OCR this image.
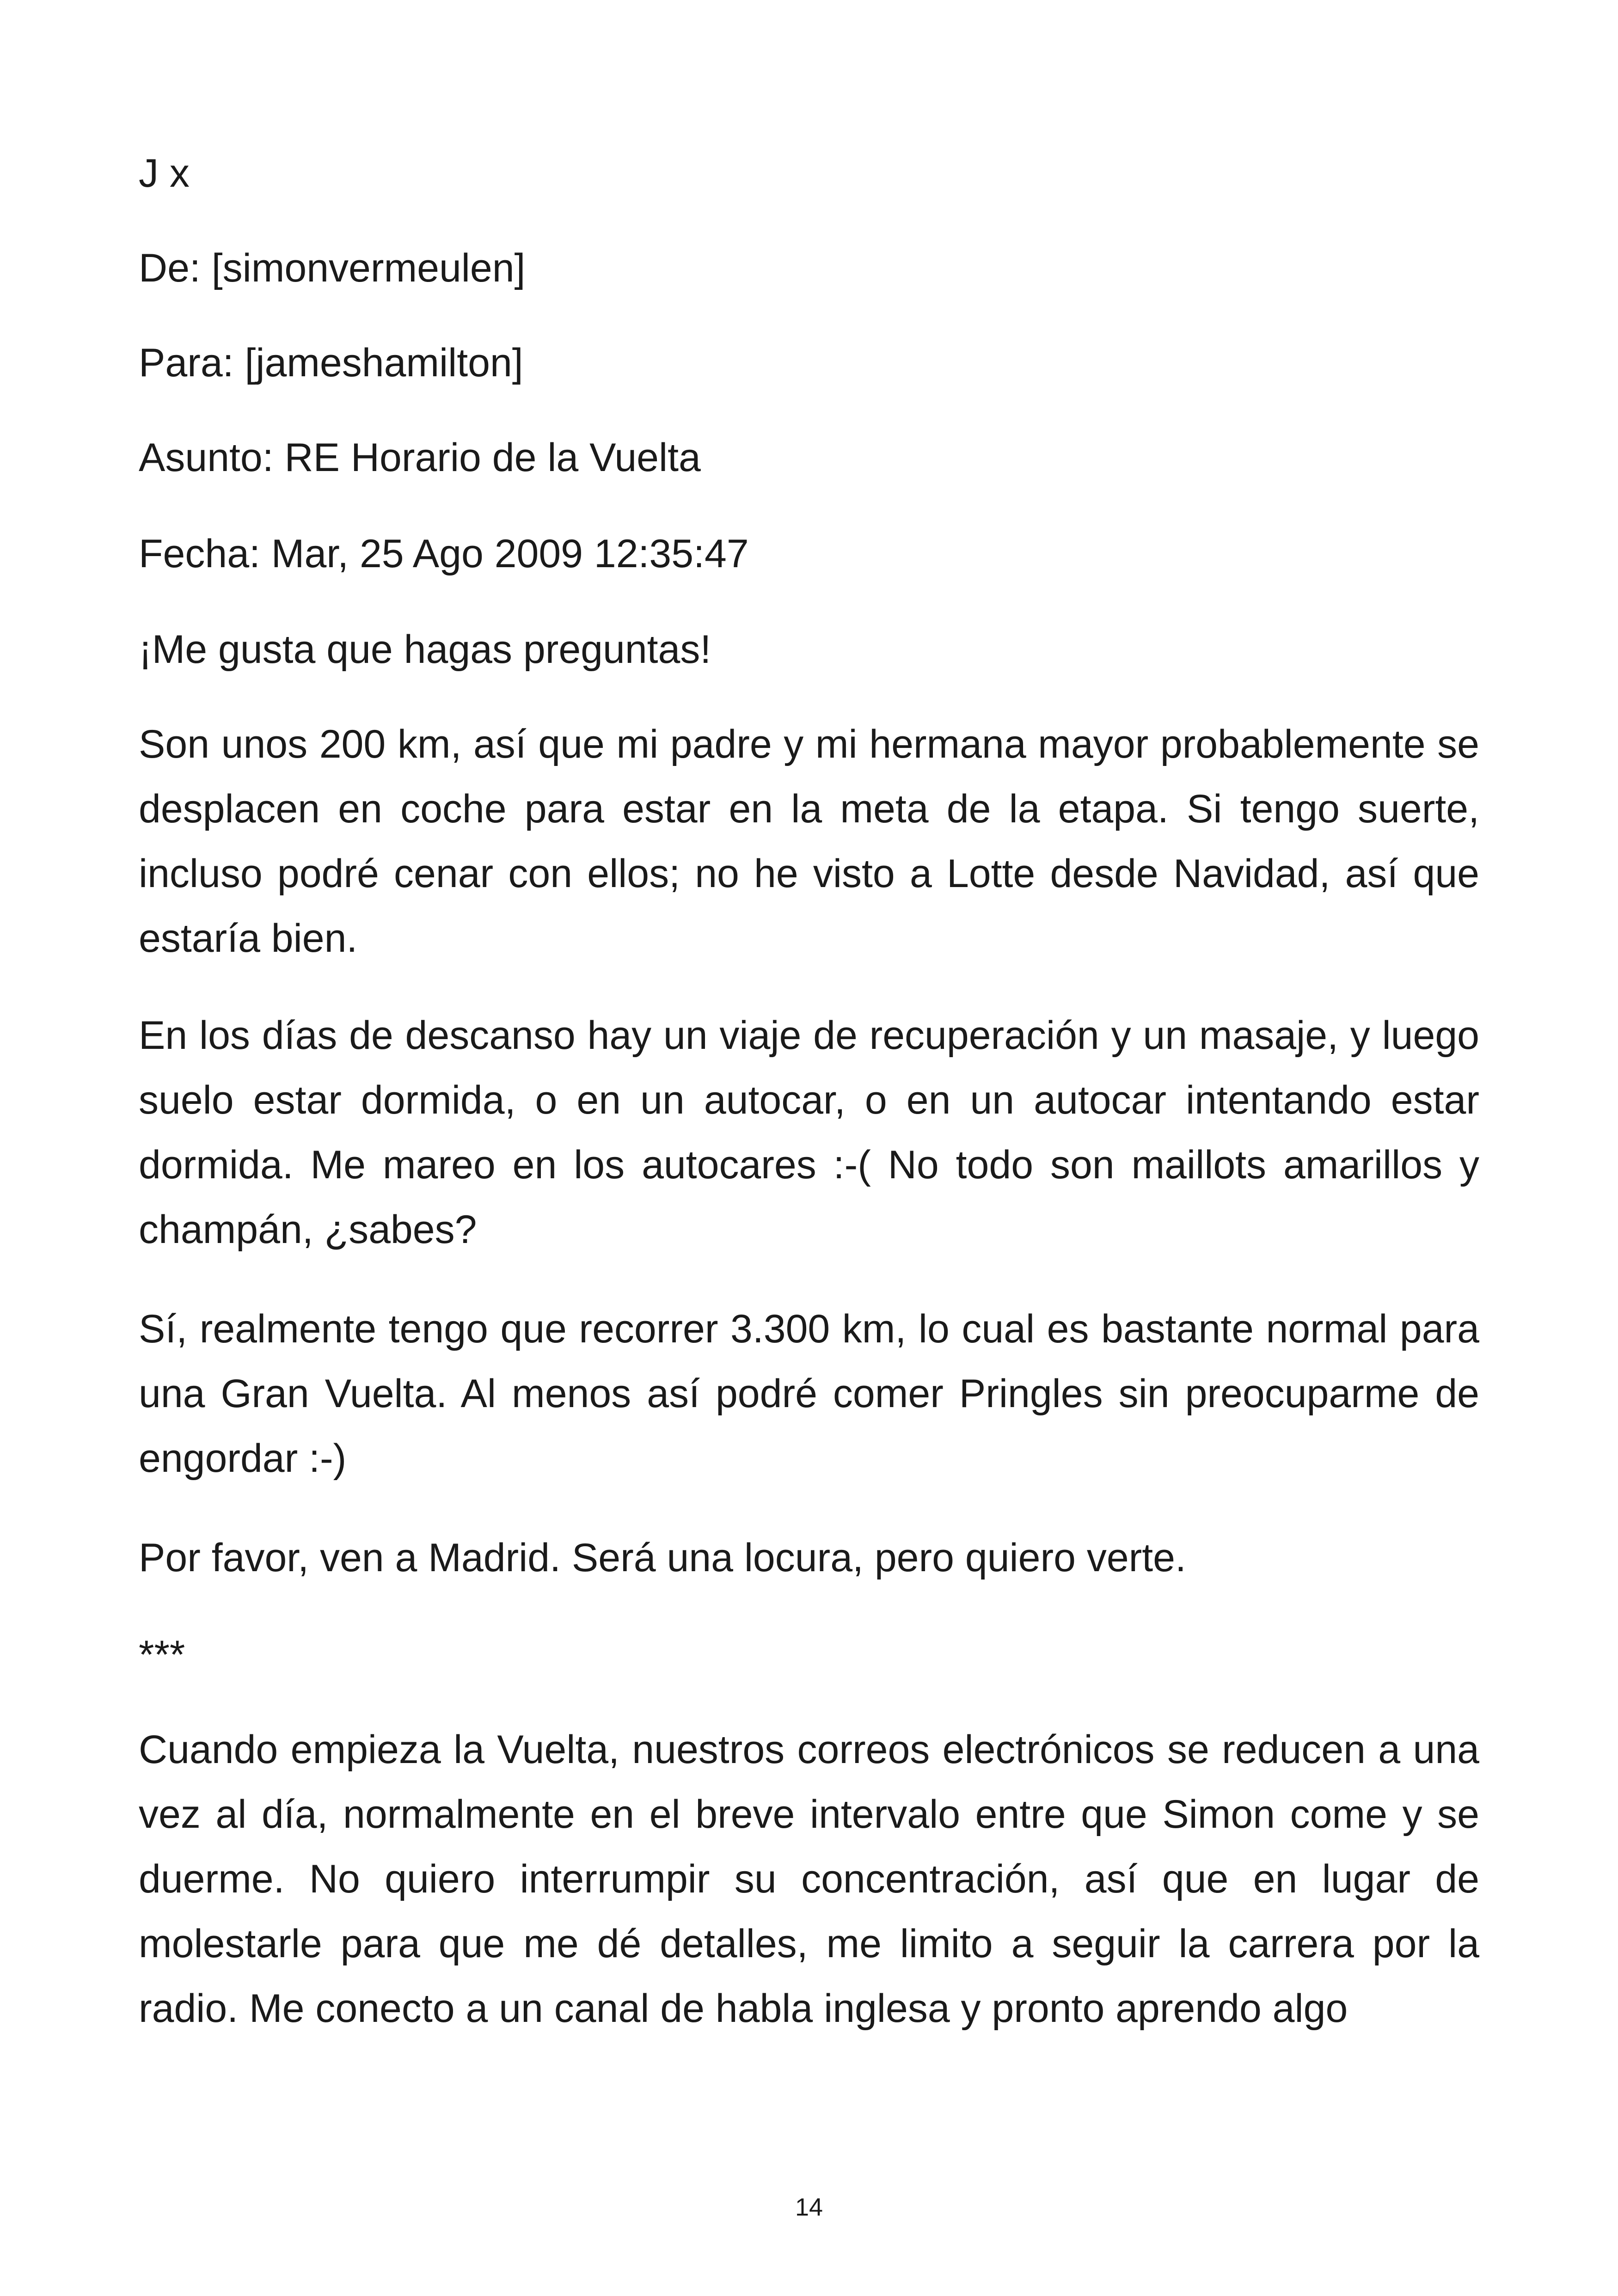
J x

De: [simonvermeulen]

Para: [jameshamilton]

Asunto: RE Horario de la Vuelta

Fecha: Mar, 25 Ago 2009 12:35:47

¡Me gusta que hagas preguntas!

Son unos 200 km, así que mi padre y mi hermana mayor probablemente se desplacen en coche para estar en la meta de la etapa. Si tengo suerte, incluso podré cenar con ellos; no he visto a Lotte desde Navidad, así que estaría bien.

En los días de descanso hay un viaje de recuperación y un masaje, y luego suelo estar dormida, o en un autocar, o en un autocar intentando estar dormida. Me mareo en los autocares :-( No todo son maillots amarillos y champán, ¿sabes?

Sí, realmente tengo que recorrer 3.300 km, lo cual es bastante normal para una Gran Vuelta. Al menos así podré comer Pringles sin preocuparme de engordar :-)

Por favor, ven a Madrid. Será una locura, pero quiero verte.

***

Cuando empieza la Vuelta, nuestros correos electrónicos se reducen a una vez al día, normalmente en el breve intervalo entre que Simon come y se duerme. No quiero interrumpir su concentración, así que en lugar de molestarle para que me dé detalles, me limito a seguir la carrera por la radio. Me conecto a un canal de habla inglesa y pronto aprendo algo

14
